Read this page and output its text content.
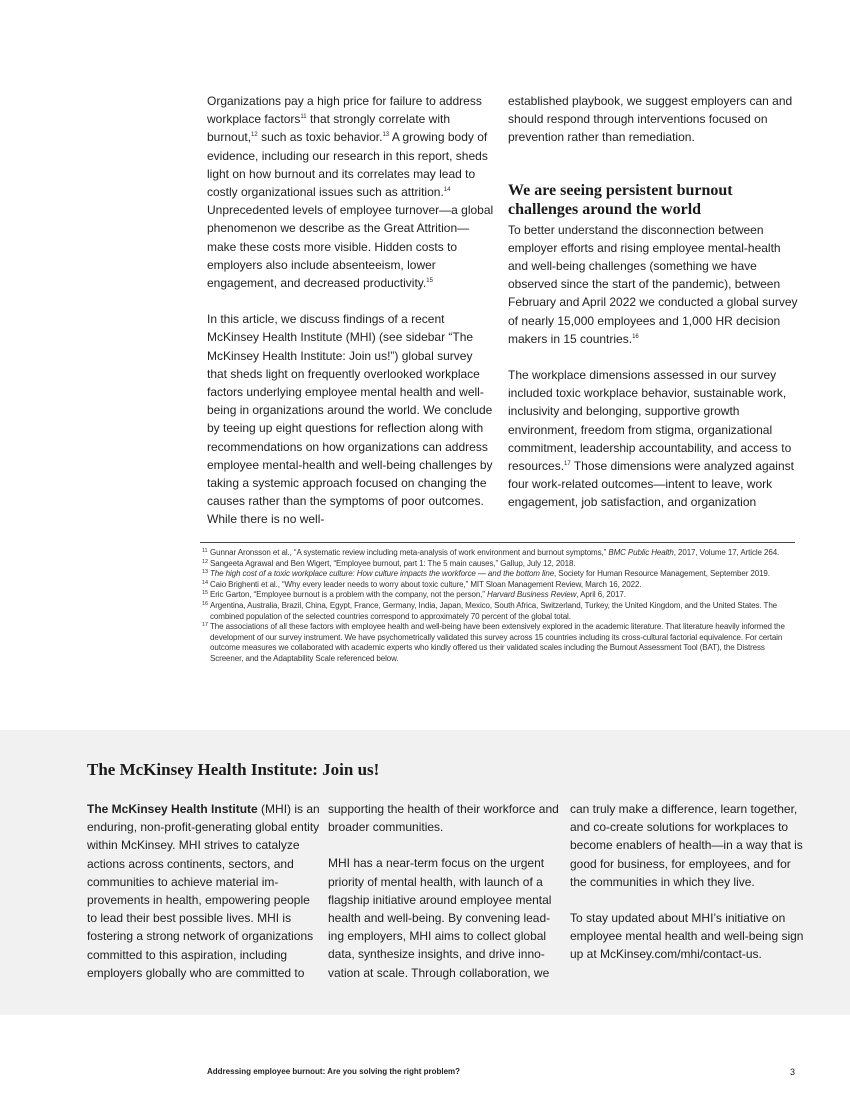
Organizations pay a high price for failure to address workplace factors$^{11}$ that strongly correlate with burnout,$^{12}$ such as toxic behavior.$^{13}$ A growing body of evidence, including our research in this report, sheds light on how burnout and its correlates may lead to costly organizational issues such as attrition.$^{14}$ Unprecedented levels of employee turnover—a global phenomenon we describe as the Great Attrition—make these costs more visible. Hidden costs to employers also include absenteeism, lower engagement, and decreased productivity.$^{15}$

In this article, we discuss findings of a recent McKinsey Health Institute (MHI) (see sidebar “The McKinsey Health Institute: Join us!”) global survey that sheds light on frequently overlooked workplace factors underlying employee mental health and well-being in organizations around the world. We conclude by teeing up eight questions for reflection along with recommendations on how organizations can address employee mental-health and well-being challenges by taking a systemic approach focused on changing the causes rather than the symptoms of poor outcomes. While there is no well-

established playbook, we suggest employers can and should respond through interventions focused on prevention rather than remediation.

We are seeing persistent burnout challenges around the world

To better understand the disconnection between employer efforts and rising employee mental-health and well-being challenges (something we have observed since the start of the pandemic), between February and April 2022 we conducted a global survey of nearly 15,000 employees and 1,000 HR decision makers in 15 countries.$^{16}$

The workplace dimensions assessed in our survey included toxic workplace behavior, sustainable work, inclusivity and belonging, supportive growth environment, freedom from stigma, organizational commitment, leadership accountability, and access to resources.$^{17}$ Those dimensions were analyzed against four work-related outcomes—intent to leave, work engagement, job satisfaction, and organization

11 Gunnar Aronsson et al., “A systematic review including meta-analysis of work environment and burnout symptoms,” BMC Public Health, 2017, Volume 17, Article 264.
12 Sangeeta Agrawal and Ben Wigert, “Employee burnout, part 1: The 5 main causes,” Gallup, July 12, 2018.
13 The high cost of a toxic workplace culture: How culture impacts the workforce — and the bottom line, Society for Human Resource Management, September 2019.
14 Caio Brighenti et al., “Why every leader needs to worry about toxic culture,” MIT Sloan Management Review, March 16, 2022.
15 Eric Garton, “Employee burnout is a problem with the company, not the person,” Harvard Business Review, April 6, 2017.
16 Argentina, Australia, Brazil, China, Egypt, France, Germany, India, Japan, Mexico, South Africa, Switzerland, Turkey, the United Kingdom, and the United States. The combined population of the selected countries correspond to approximately 70 percent of the global total.
17 The associations of all these factors with employee health and well-being have been extensively explored in the academic literature. That literature heavily informed the development of our survey instrument. We have psychometrically validated this survey across 15 countries including its cross-cultural factorial equivalence. For certain outcome measures we collaborated with academic experts who kindly offered us their validated scales including the Burnout Assessment Tool (BAT), the Distress Screener, and the Adaptability Scale referenced below.
The McKinsey Health Institute: Join us!

The McKinsey Health Institute (MHI) is an enduring, non-profit-generating global entity within McKinsey. MHI strives to catalyze actions across continents, sectors, and communities to achieve material im- provements in health, empowering people to lead their best possible lives. MHI is fostering a strong network of organizations committed to this aspiration, including employers globally who are committed to

supporting the health of their workforce and broader communities.

MHI has a near-term focus on the urgent priority of mental health, with launch of a flagship initiative around employee mental health and well-being. By convening lead- ing employers, MHI aims to collect global data, synthesize insights, and drive inno- vation at scale. Through collaboration, we

can truly make a difference, learn together, and co-create solutions for workplaces to become enablers of health—in a way that is good for business, for employees, and for the communities in which they live.

To stay updated about MHI’s initiative on employee mental health and well-being sign up at McKinsey.com/mhi/contact-us.

Addressing employee burnout: Are you solving the right problem?	3
